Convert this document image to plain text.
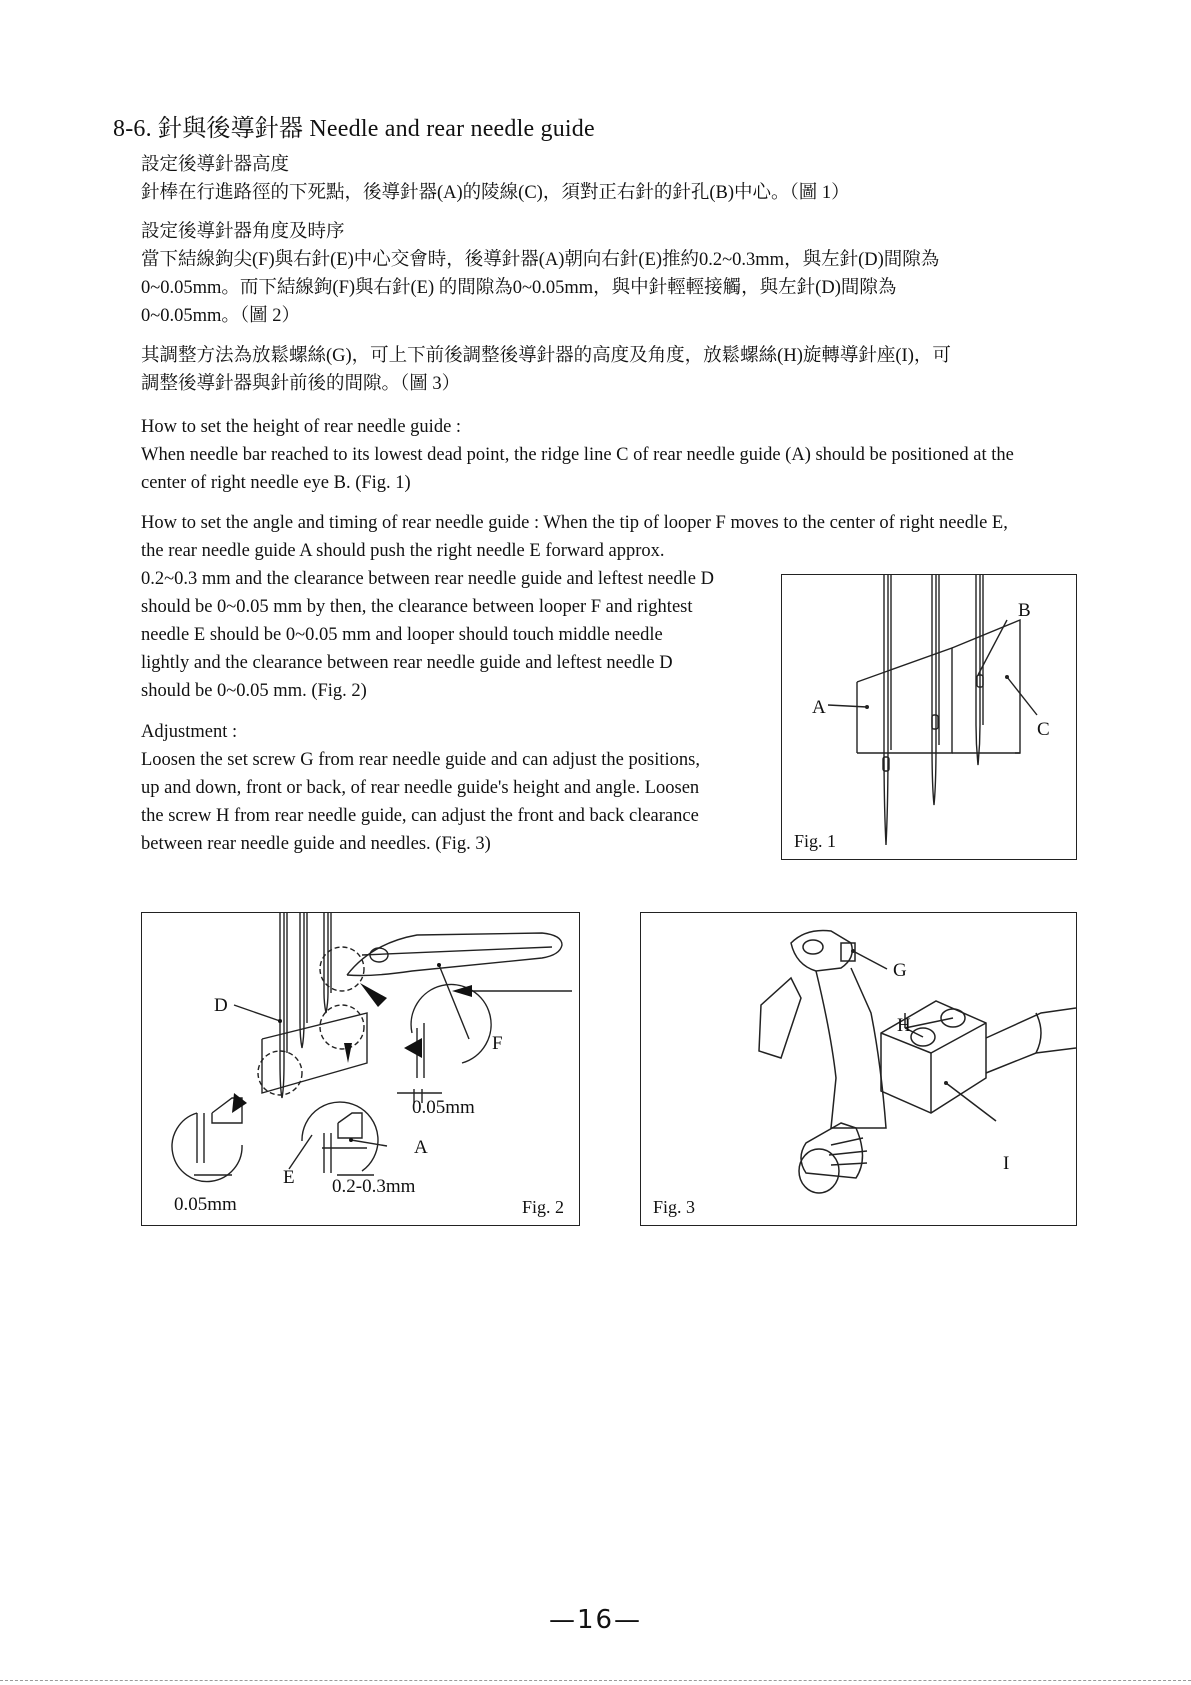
8-6. 針與後導針器 Needle and rear needle guide

設定後導針器高度

針棒在行進路徑的下死點，後導針器(A)的陵線(C)，須對正右針的針孔(B)中心。（圖 1）

設定後導針器角度及時序

當下結線鉤尖(F)與右針(E)中心交會時，後導針器(A)朝向右針(E)推約0.2~0.3mm，與左針(D)間隙為

0~0.05mm。而下結線鉤(F)與右針(E) 的間隙為0~0.05mm，與中針輕輕接觸，與左針(D)間隙為

0~0.05mm。（圖 2）

其調整方法為放鬆螺絲(G)，可上下前後調整後導針器的高度及角度，放鬆螺絲(H)旋轉導針座(I)，可

調整後導針器與針前後的間隙。（圖 3）

How to set the height of rear needle guide :

When needle bar reached to its lowest dead point, the ridge line C of rear needle guide (A) should be positioned at the

center of right needle eye B. (Fig. 1)

How to set the angle and timing of rear needle guide : When the tip of looper F moves to the center of right needle E,

the rear needle guide A should push the right needle E forward approx.

0.2~0.3 mm and the clearance between rear needle guide and leftest needle D

should be 0~0.05 mm by then, the clearance between looper F and rightest

needle E should be 0~0.05 mm and looper should touch middle needle

lightly and the clearance between rear needle guide and leftest needle D

should be 0~0.05 mm. (Fig. 2)

Adjustment :

Loosen the set screw G from rear needle guide and can adjust the positions,

up and down, front or back, of rear needle guide's height and angle. Loosen

the screw H from rear needle guide, can adjust the front and back clearance

between rear needle guide and needles. (Fig. 3)

A
B
C
Fig. 1
D
F
0.05mm
A
E 0.2-0.3mm
0.05mm	Fig. 2
G
H
I
Fig. 3
—16—
